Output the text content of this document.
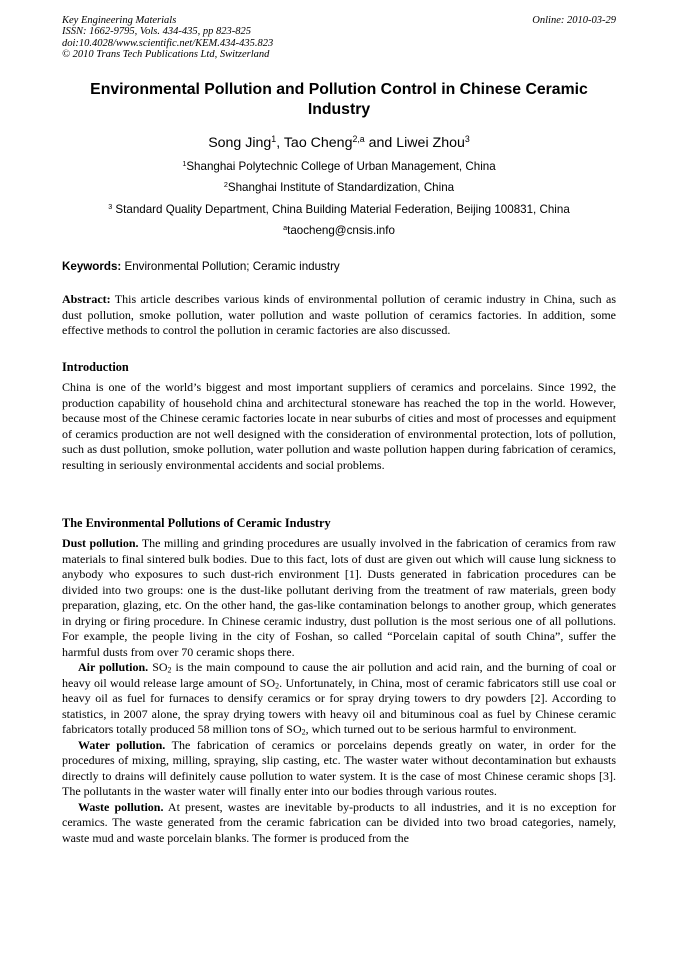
Key Engineering Materials
ISSN: 1662-9795, Vols. 434-435, pp 823-825
doi:10.4028/www.scientific.net/KEM.434-435.823
© 2010 Trans Tech Publications Ltd, Switzerland
Online: 2010-03-29
Environmental Pollution and Pollution Control in Chinese Ceramic Industry
Song Jing$^1$, Tao Cheng$^{2,a}$ and Liwei Zhou$^3$
$^1$Shanghai Polytechnic College of Urban Management, China
$^2$Shanghai Institute of Standardization, China
$^3$ Standard Quality Department, China Building Material Federation, Beijing 100831, China
$^a$taocheng@cnsis.info
Keywords: Environmental Pollution; Ceramic industry

Abstract: This article describes various kinds of environmental pollution of ceramic industry in China, such as dust pollution, smoke pollution, water pollution and waste pollution of ceramics factories. In addition, some effective methods to control the pollution in ceramic factories are also discussed.

Introduction

China is one of the world’s biggest and most important suppliers of ceramics and porcelains. Since 1992, the production capability of household china and architectural stoneware has reached the top in the world. However, because most of the Chinese ceramic factories locate in near suburbs of cities and most of processes and equipment of ceramics production are not well designed with the consideration of environmental protection, lots of pollution, such as dust pollution, smoke pollution, water pollution and waste pollution happen during fabrication of ceramics, resulting in seriously environmental accidents and social problems.

The Environmental Pollutions of Ceramic Industry

Dust pollution. The milling and grinding procedures are usually involved in the fabrication of ceramics from raw materials to final sintered bulk bodies. Due to this fact, lots of dust are given out which will cause lung sickness to anybody who exposures to such dust-rich environment [1]. Dusts generated in fabrication procedures can be divided into two groups: one is the dust-like pollutant deriving from the treatment of raw materials, green body preparation, glazing, etc. On the other hand, the gas-like contamination belongs to another group, which generates in drying or firing procedure. In Chinese ceramic industry, dust pollution is the most serious one of all pollutions. For example, the people living in the city of Foshan, so called “Porcelain capital of south China”, suffer the harmful dusts from over 70 ceramic shops there.

Air pollution. $SO_2$ is the main compound to cause the air pollution and acid rain, and the burning of coal or heavy oil would release large amount of $SO_2$. Unfortunately, in China, most of ceramic fabricators still use coal or heavy oil as fuel for furnaces to densify ceramics or for spray drying towers to dry powders [2]. According to statistics, in 2007 alone, the spray drying towers with heavy oil and bituminous coal as fuel by Chinese ceramic fabricators totally produced 58 million tons of $SO_2$, which turned out to be serious harmful to environment.

Water pollution. The fabrication of ceramics or porcelains depends greatly on water, in order for the procedures of mixing, milling, spraying, slip casting, etc. The waster water without decontamination but exhausts directly to drains will definitely cause pollution to water system. It is the case of most Chinese ceramic shops [3]. The pollutants in the waster water will finally enter into our bodies through various routes.

Waste pollution. At present, wastes are inevitable by-products to all industries, and it is no exception for ceramics. The waste generated from the ceramic fabrication can be divided into two broad categories, namely, waste mud and waste porcelain blanks. The former is produced from the
